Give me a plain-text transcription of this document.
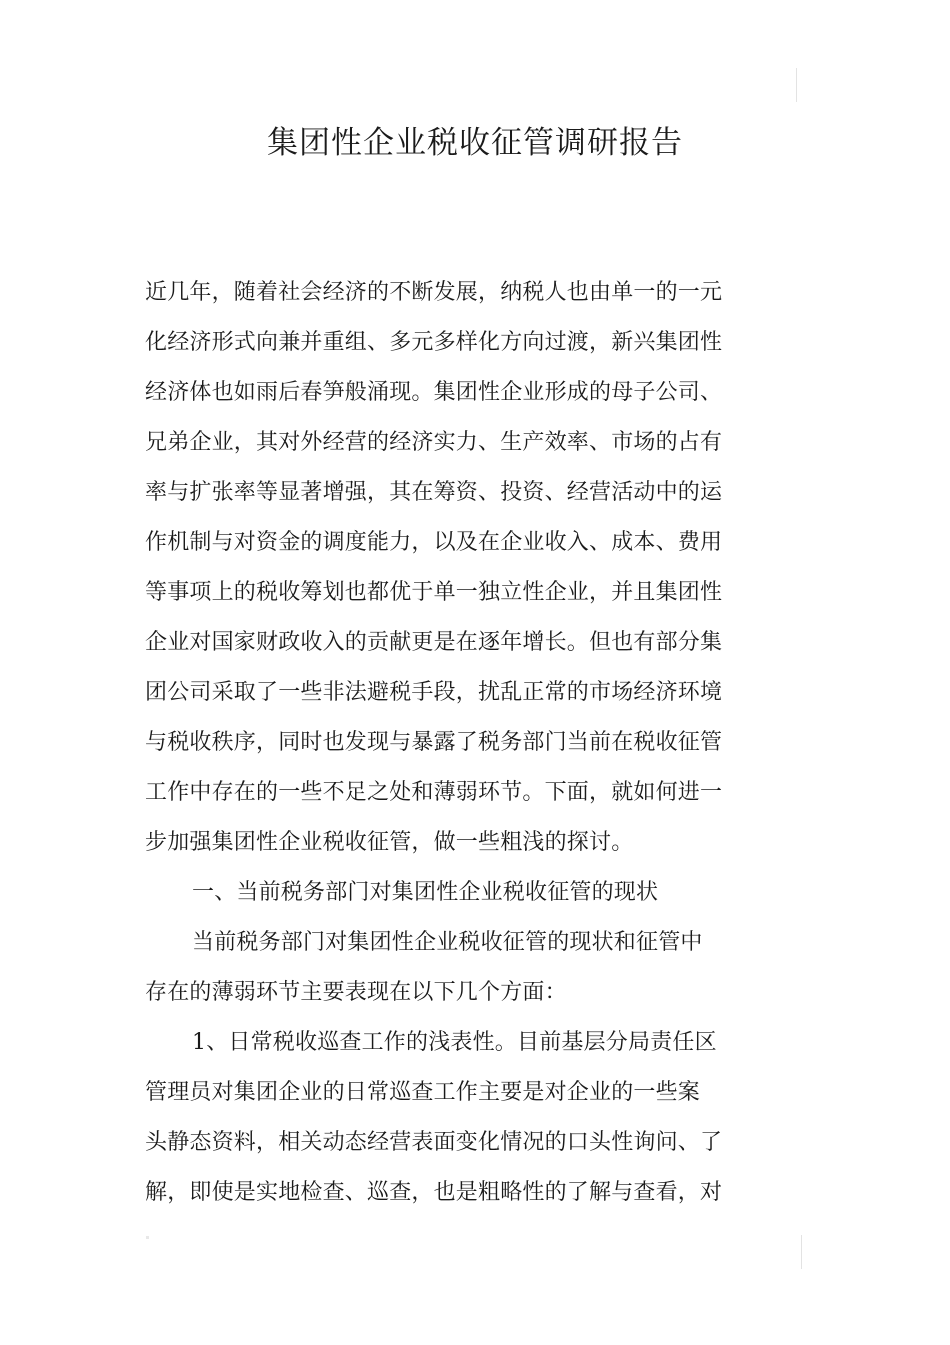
集团性企业税收征管调研报告
近几年，随着社会经济的不断发展，纳税人也由单一的一元
化经济形式向兼并重组、多元多样化方向过渡，新兴集团性
经济体也如雨后春笋般涌现。集团性企业形成的母子公司、
兄弟企业，其对外经营的经济实力、生产效率、市场的占有
率与扩张率等显著增强，其在筹资、投资、经营活动中的运
作机制与对资金的调度能力，以及在企业收入、成本、费用
等事项上的税收筹划也都优于单一独立性企业，并且集团性
企业对国家财政收入的贡献更是在逐年增长。但也有部分集
团公司采取了一些非法避税手段，扰乱正常的市场经济环境
与税收秩序，同时也发现与暴露了税务部门当前在税收征管
工作中存在的一些不足之处和薄弱环节。下面，就如何进一
步加强集团性企业税收征管，做一些粗浅的探讨。
一、当前税务部门对集团性企业税收征管的现状
当前税务部门对集团性企业税收征管的现状和征管中
存在的薄弱环节主要表现在以下几个方面：
1、日常税收巡查工作的浅表性。目前基层分局责任区
管理员对集团企业的日常巡查工作主要是对企业的一些案
头静态资料，相关动态经营表面变化情况的口头性询问、了
解，即使是实地检查、巡查，也是粗略性的了解与查看，对
